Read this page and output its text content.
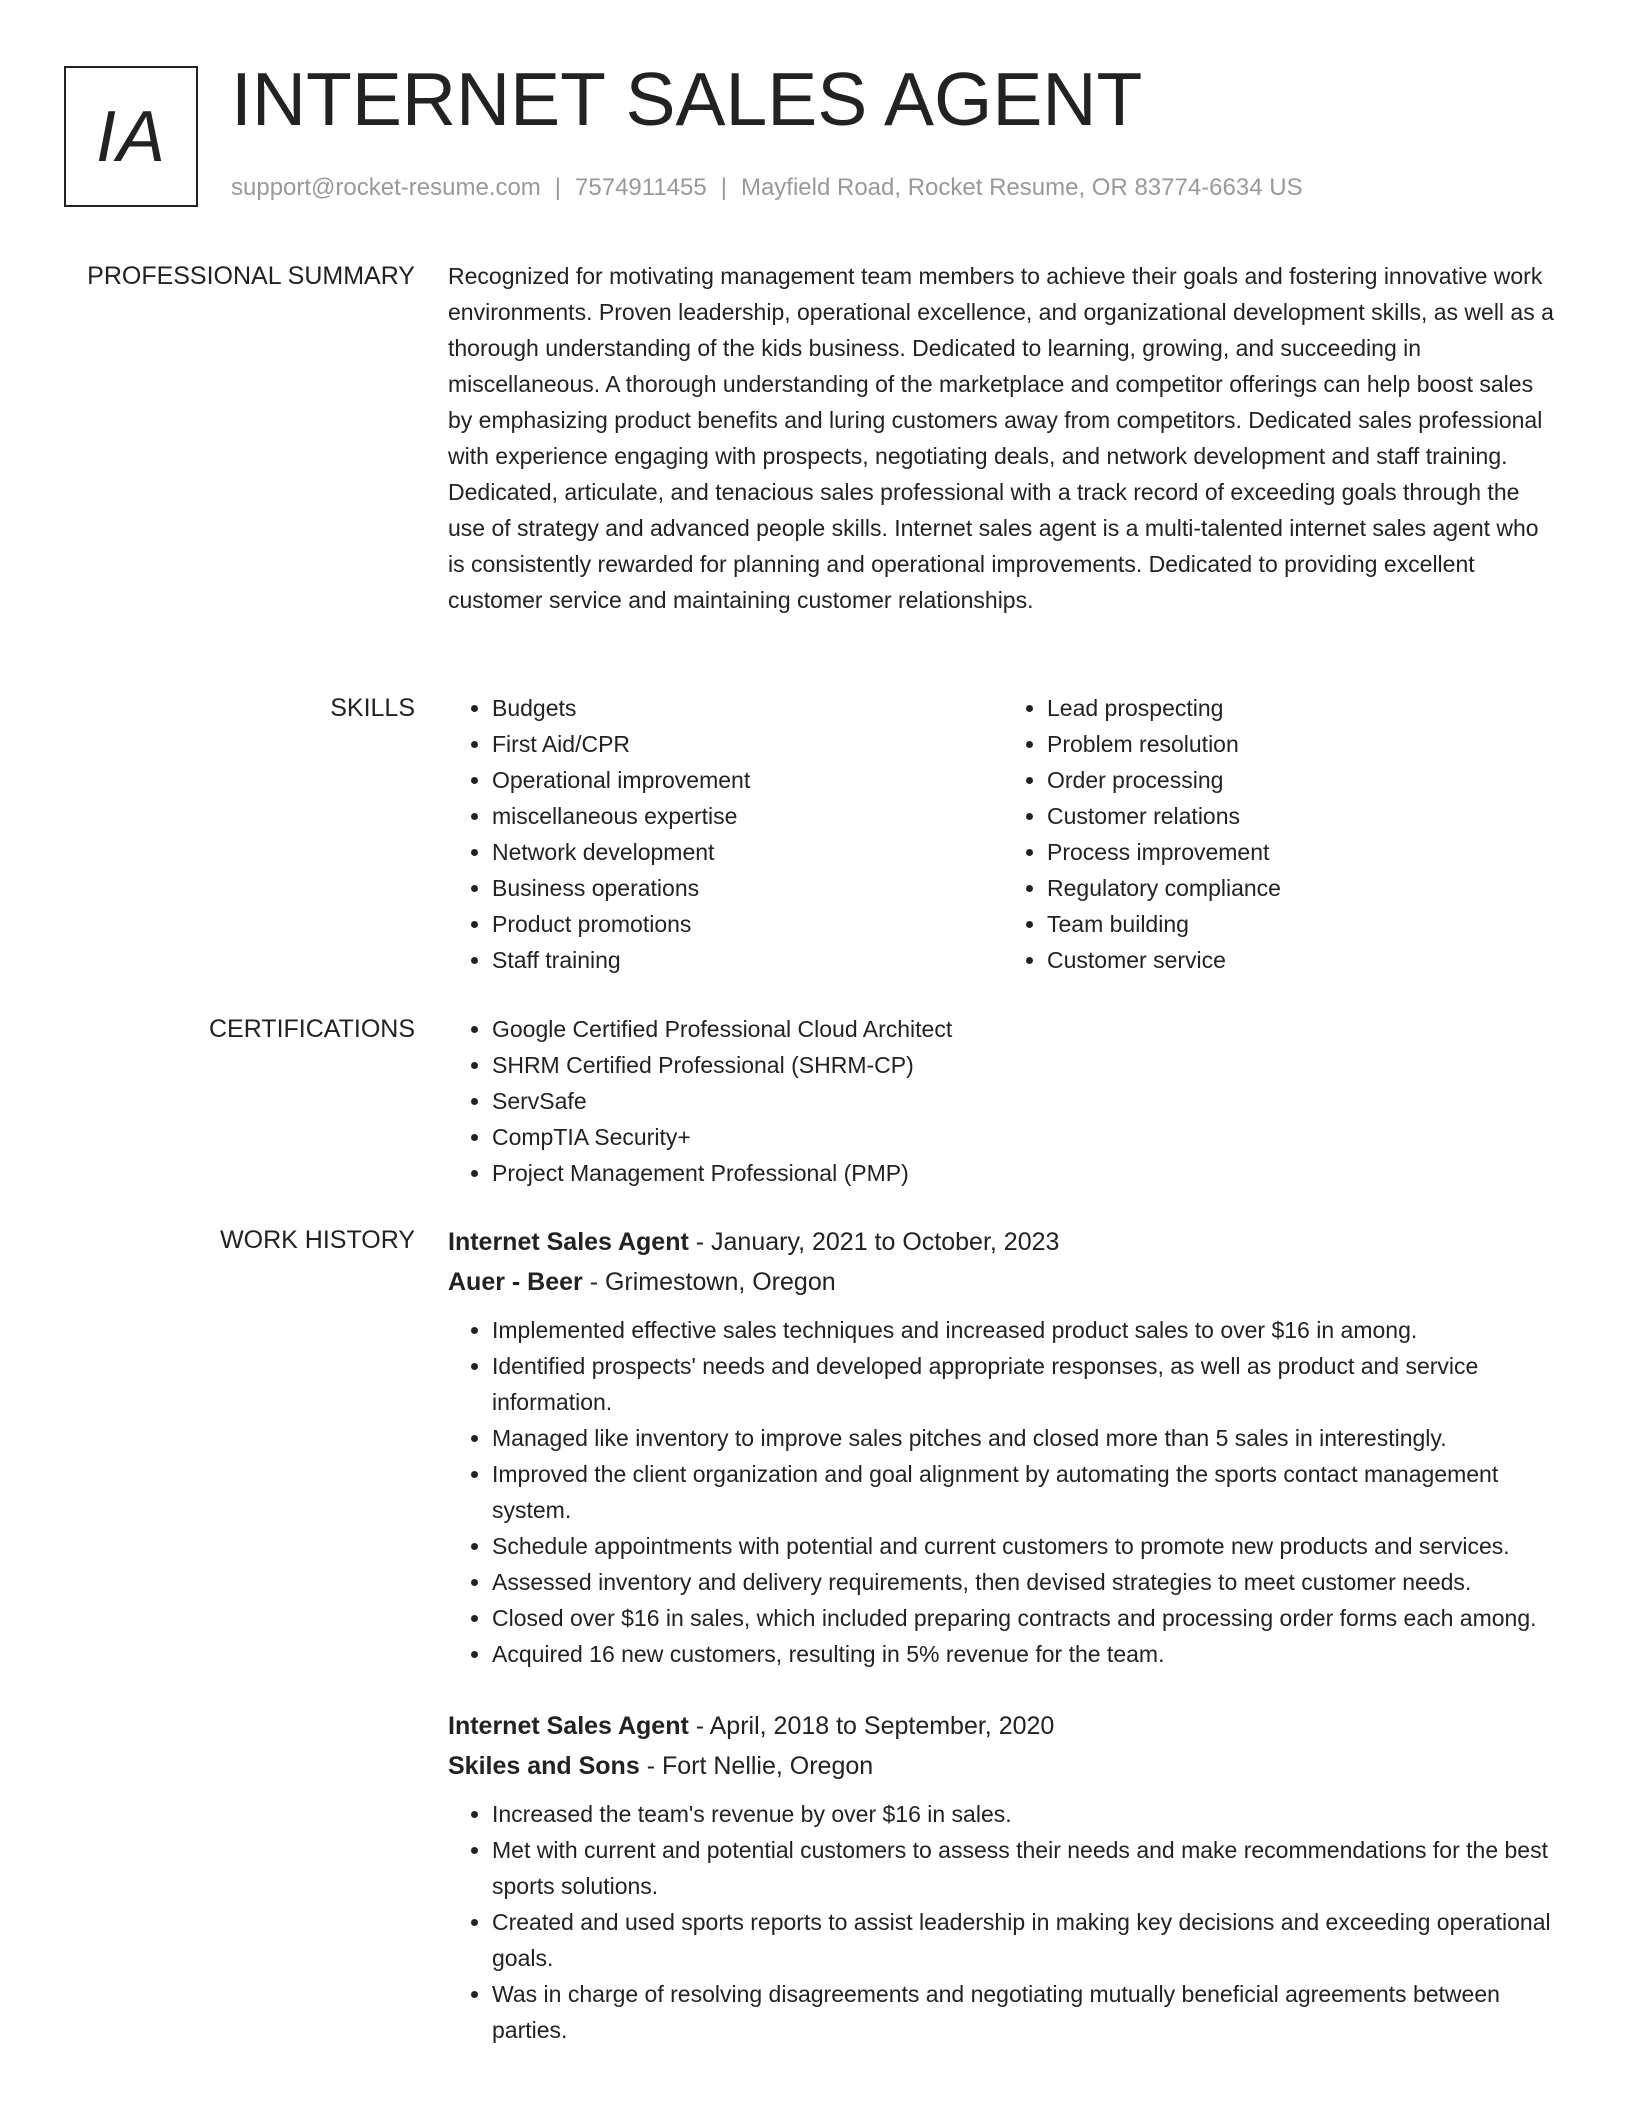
IA INTERNET SALES AGENT
support@rocket-resume.com | 7574911455 | Mayfield Road, Rocket Resume, OR 83774-6634 US
PROFESSIONAL SUMMARY Recognized for motivating management team members to achieve their goals and fostering innovative work environments. Proven leadership, operational excellence, and organizational development skills, as well as a thorough understanding of the kids business. Dedicated to learning, growing, and succeeding in miscellaneous. A thorough understanding of the marketplace and competitor offerings can help boost sales by emphasizing product benefits and luring customers away from competitors. Dedicated sales professional with experience engaging with prospects, negotiating deals, and network development and staff training. Dedicated, articulate, and tenacious sales professional with a track record of exceeding goals through the use of strategy and advanced people skills. Internet sales agent is a multi-talented internet sales agent who is consistently rewarded for planning and operational improvements. Dedicated to providing excellent customer service and maintaining customer relationships.

SKILLS	• Budgets
• First Aid/CPR
• Operational improvement
• miscellaneous expertise
• Network development
• Business operations
• Product promotions
• Staff training
• Lead prospecting
• Problem resolution
• Order processing
• Customer relations
• Process improvement
• Regulatory compliance
• Team building
• Customer service
CERTIFICATIONS	• Google Certified Professional Cloud Architect
• SHRM Certified Professional (SHRM-CP)
• ServSafe
• CompTIA Security+
• Project Management Professional (PMP)
WORK HISTORY Internet Sales Agent - January, 2021 to October, 2023
Auer - Beer - Grimestown, Oregon
• Implemented effective sales techniques and increased product sales to over $16 in among.
• Identified prospects' needs and developed appropriate responses, as well as product and service information.
• Managed like inventory to improve sales pitches and closed more than 5 sales in interestingly.
• Improved the client organization and goal alignment by automating the sports contact management system.
• Schedule appointments with potential and current customers to promote new products and services.
• Assessed inventory and delivery requirements, then devised strategies to meet customer needs.
• Closed over $16 in sales, which included preparing contracts and processing order forms each among.
• Acquired 16 new customers, resulting in 5% revenue for the team.
Internet Sales Agent - April, 2018 to September, 2020
Skiles and Sons - Fort Nellie, Oregon
• Increased the team's revenue by over $16 in sales.
• Met with current and potential customers to assess their needs and make recommendations for the best sports solutions.
• Created and used sports reports to assist leadership in making key decisions and exceeding operational goals.
• Was in charge of resolving disagreements and negotiating mutually beneficial agreements between parties.
